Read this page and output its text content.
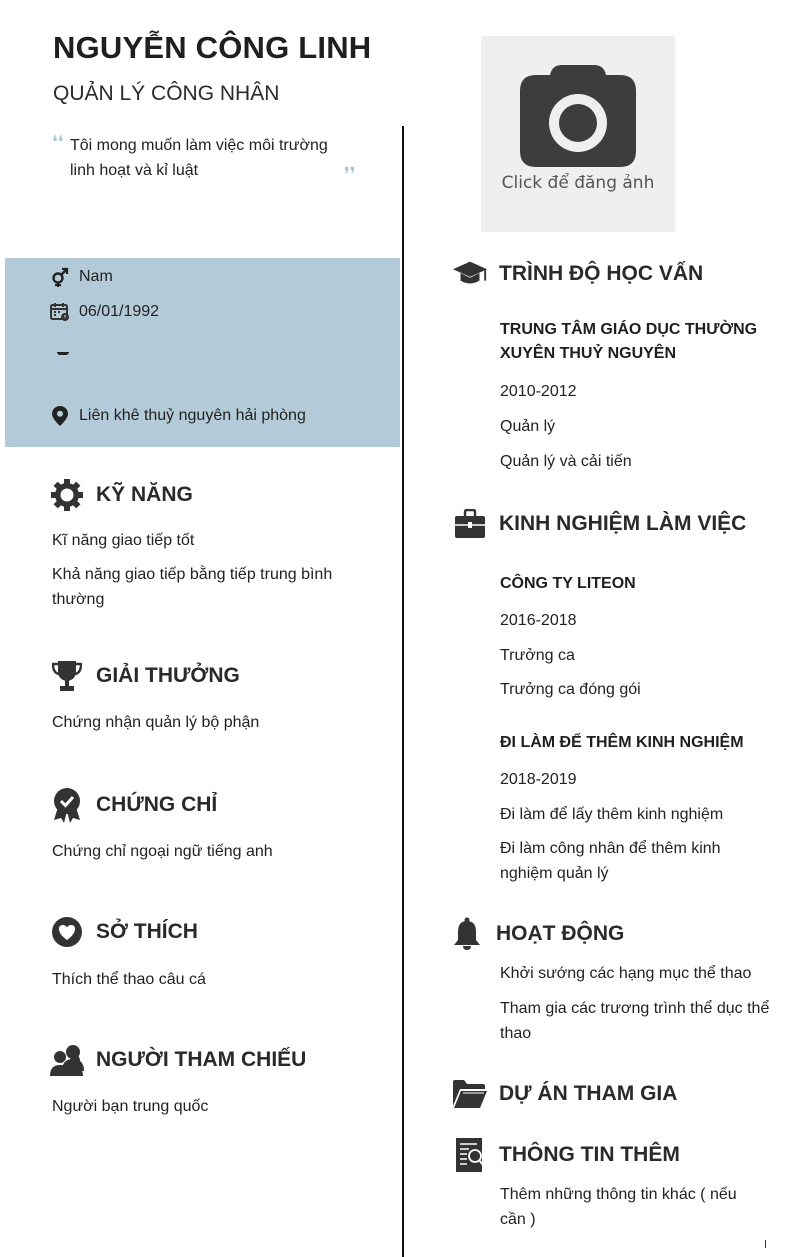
NGUYỄN CÔNG LINH
QUẢN LÝ CÔNG NHÂN
❛❛ Tôi mong muốn làm việc môi trường linh hoạt và kỉ luật	❜❜	Click để đăng ảnh
Nam
06/01/1992
Liên khê thuỷ nguyên hải phòng
KỸ NĂNG
Kĩ năng giao tiếp tốt
Khả năng giao tiếp bằng tiếp trung bình thường
GIẢI THƯỞNG
Chứng nhận quản lý bộ phận
CHỨNG CHỈ
Chứng chỉ ngoại ngữ tiếng anh
SỞ THÍCH
Thích thể thao câu cá
NGƯỜI THAM CHIẾU
Người bạn trung quốc
TRÌNH ĐỘ HỌC VẤN
TRUNG TÂM GIÁO DỤC THƯỜNG XUYÊN THUỶ NGUYÊN
2010-2012
Quản lý
Quản lý và cải tiến
KINH NGHIỆM LÀM VIỆC
CÔNG TY LITEON
2016-2018
Trưởng ca
Trưởng ca đóng gói
ĐI LÀM ĐỂ THÊM KINH NGHIỆM
2018-2019
Đi làm để lấy thêm kinh nghiệm
Đi làm công nhân để thêm kinh nghiệm quản lý
HOẠT ĐỘNG
Khởi sướng các hạng mục thể thao
Tham gia các trương trình thể dục thể thao
DỰ ÁN THAM GIA
THÔNG TIN THÊM
Thêm những thông tin khác ( nếu cần )
